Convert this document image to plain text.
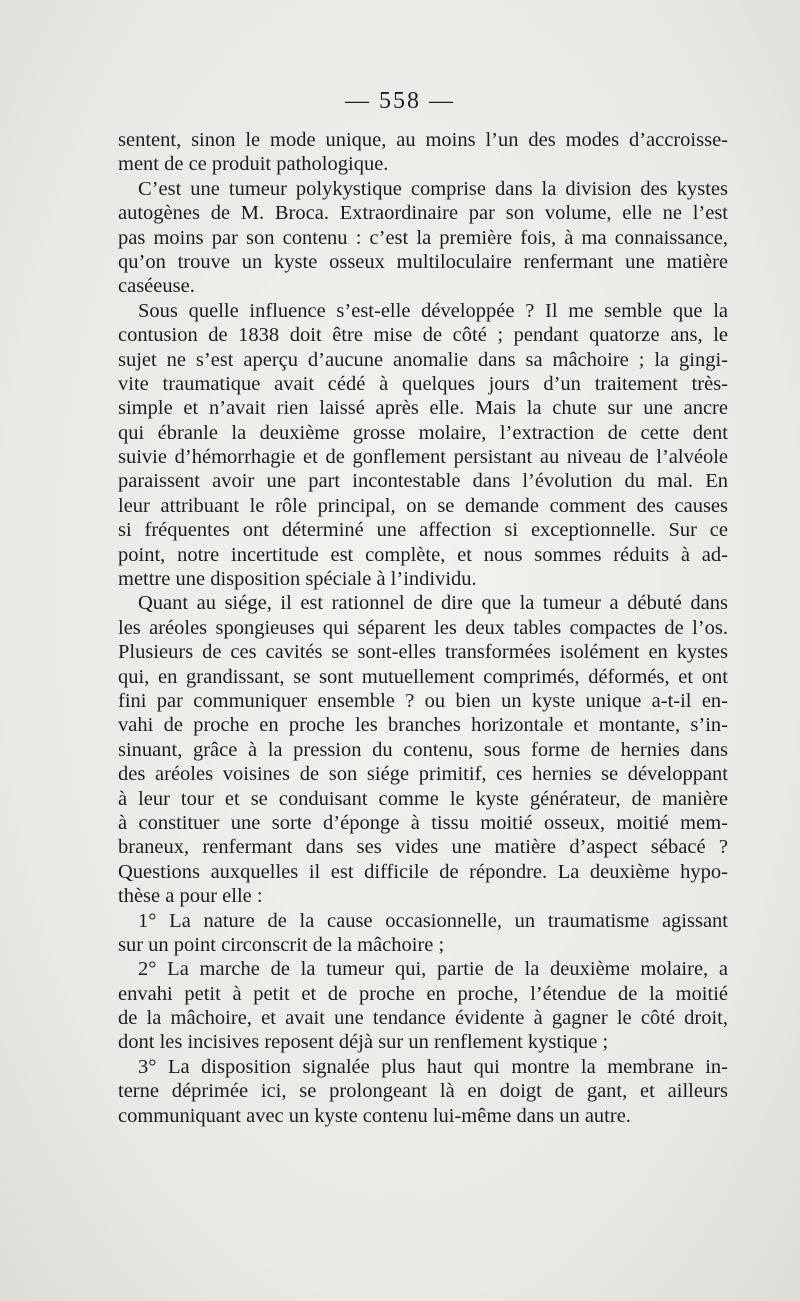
— 558 —
sentent, sinon le mode unique, au moins l’un des modes d’accroisse-
ment de ce produit pathologique.
C’est une tumeur polykystique comprise dans la division des kystes
autogènes de M. Broca. Extraordinaire par son volume, elle ne l’est
pas moins par son contenu : c’est la première fois, à ma connaissance,
qu’on trouve un kyste osseux multiloculaire renfermant une matière
caséeuse.
Sous quelle influence s’est-elle développée ? Il me semble que la
contusion de 1838 doit être mise de côté ; pendant quatorze ans, le
sujet ne s’est aperçu d’aucune anomalie dans sa mâchoire ; la gingi-
vite traumatique avait cédé à quelques jours d’un traitement très-
simple et n’avait rien laissé après elle. Mais la chute sur une ancre
qui ébranle la deuxième grosse molaire, l’extraction de cette dent
suivie d’hémorrhagie et de gonflement persistant au niveau de l’alvéole
paraissent avoir une part incontestable dans l’évolution du mal. En
leur attribuant le rôle principal, on se demande comment des causes
si fréquentes ont déterminé une affection si exceptionnelle. Sur ce
point, notre incertitude est complète, et nous sommes réduits à ad-
mettre une disposition spéciale à l’individu.
Quant au siége, il est rationnel de dire que la tumeur a débuté dans
les aréoles spongieuses qui séparent les deux tables compactes de l’os.
Plusieurs de ces cavités se sont-elles transformées isolément en kystes
qui, en grandissant, se sont mutuellement comprimés, déformés, et ont
fini par communiquer ensemble ? ou bien un kyste unique a-t-il en-
vahi de proche en proche les branches horizontale et montante, s’in-
sinuant, grâce à la pression du contenu, sous forme de hernies dans
des aréoles voisines de son siége primitif, ces hernies se développant
à leur tour et se conduisant comme le kyste générateur, de manière
à constituer une sorte d’éponge à tissu moitié osseux, moitié mem-
braneux, renfermant dans ses vides une matière d’aspect sébacé ?
Questions auxquelles il est difficile de répondre. La deuxième hypo-
thèse a pour elle :
1° La nature de la cause occasionnelle, un traumatisme agissant
sur un point circonscrit de la mâchoire ;
2° La marche de la tumeur qui, partie de la deuxième molaire, a
envahi petit à petit et de proche en proche, l’étendue de la moitié
de la mâchoire, et avait une tendance évidente à gagner le côté droit,
dont les incisives reposent déjà sur un renflement kystique ;
3° La disposition signalée plus haut qui montre la membrane in-
terne déprimée ici, se prolongeant là en doigt de gant, et ailleurs
communiquant avec un kyste contenu lui-même dans un autre.
